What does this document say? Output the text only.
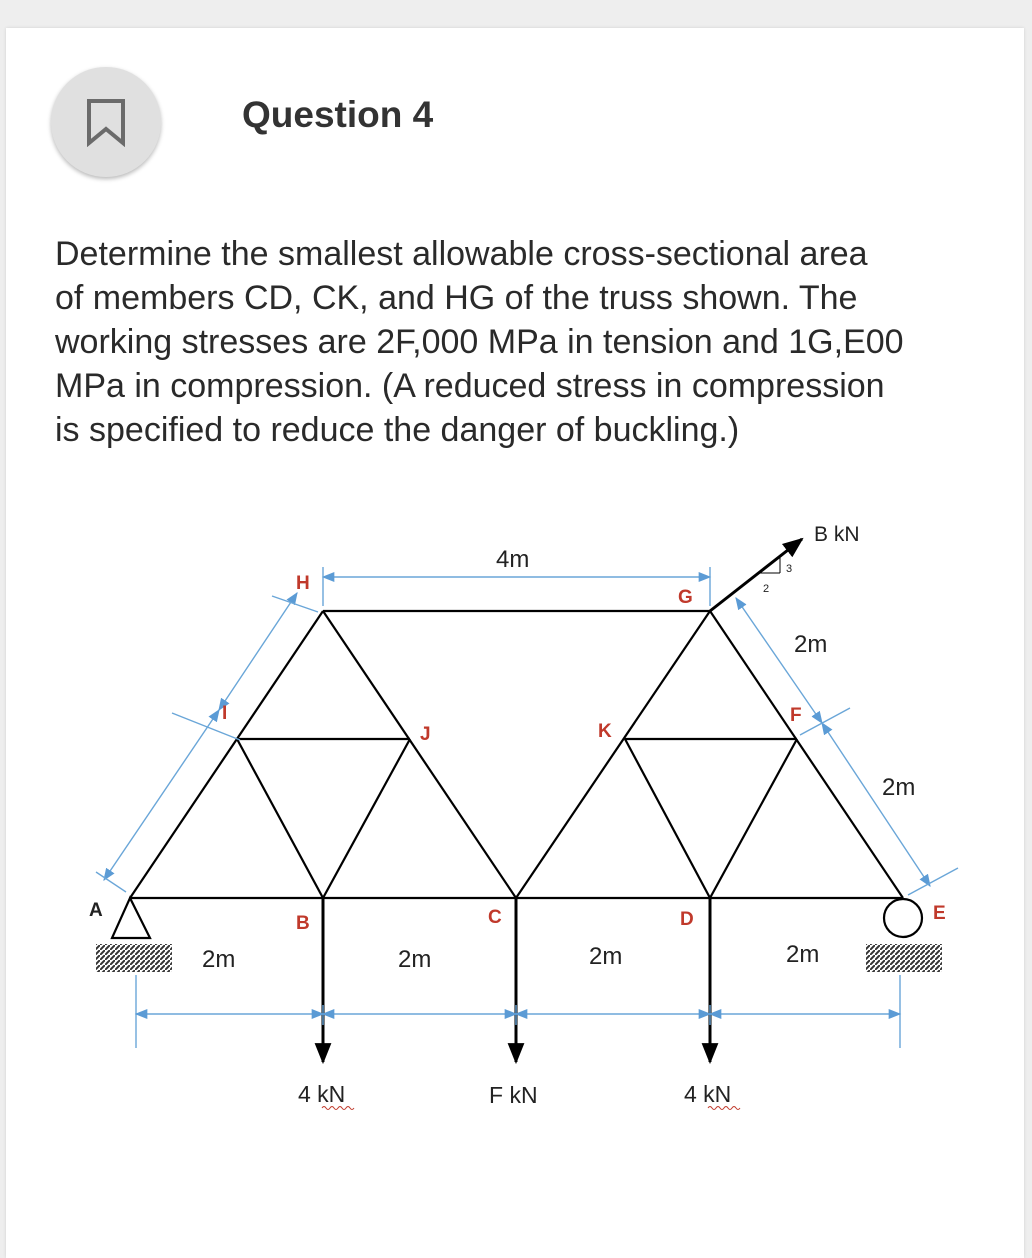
Question 4
Determine the smallest allowable cross-sectional area
of members CD, CK, and HG of the truss shown. The
working stresses are 2F,000 MPa in tension and 1G,E00
MPa in compression. (A reduced stress in compression
is specified to reduce the danger of buckling.)
A
B	C	D	E
F
G
H
I
J	K
4m
2m	2m	2m	2m
2m
2m
4 kN	F kN	4 kN
B kN
3
2
